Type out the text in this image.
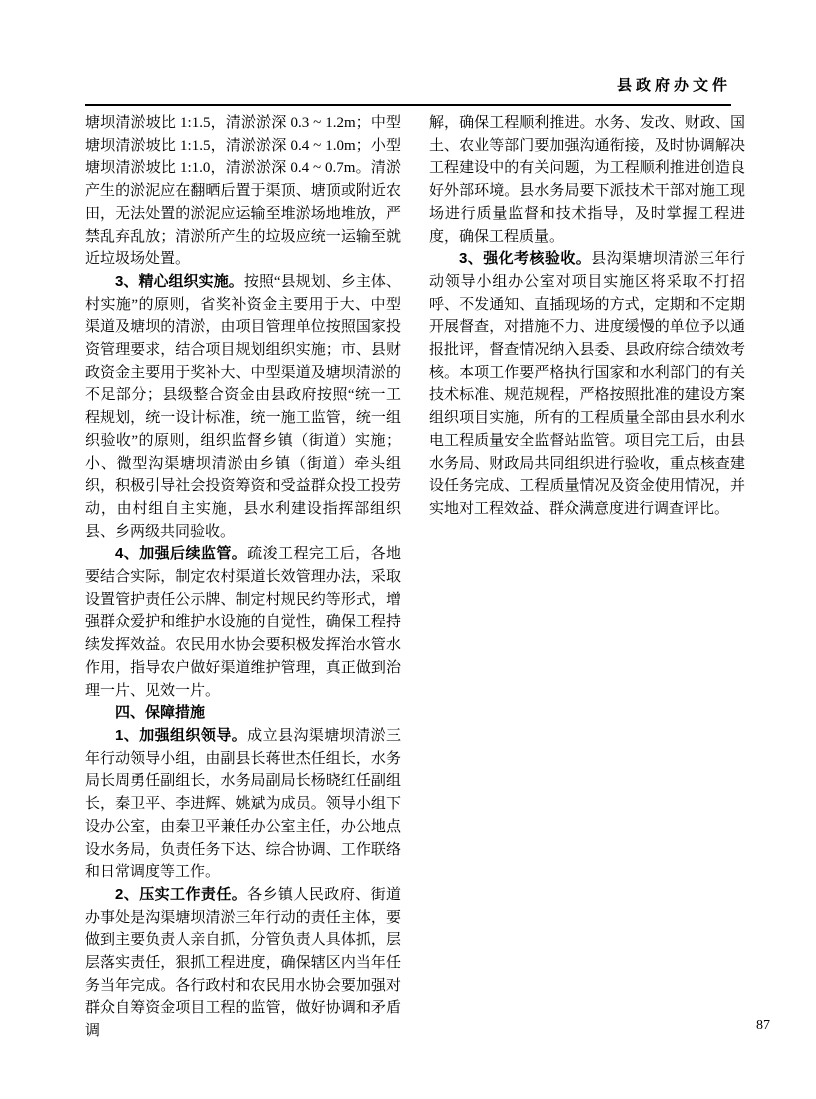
县政府办文件

塘坝清淤坡比 1:1.5，清淤淤深 0.3 ~ 1.2m；中型塘坝清淤坡比 1:1.5，清淤淤深 0.4 ~ 1.0m；小型塘坝清淤坡比 1:1.0，清淤淤深 0.4 ~ 0.7m。清淤产生的淤泥应在翻晒后置于渠顶、塘顶或附近农田，无法处置的淤泥应运输至堆淤场地堆放，严禁乱弃乱放；清淤所产生的垃圾应统一运输至就近垃圾场处置。

3、精心组织实施。按照“县规划、乡主体、村实施”的原则，省奖补资金主要用于大、中型渠道及塘坝的清淤，由项目管理单位按照国家投资管理要求，结合项目规划组织实施；市、县财政资金主要用于奖补大、中型渠道及塘坝清淤的不足部分；县级整合资金由县政府按照“统一工程规划，统一设计标准，统一施工监管，统一组织验收”的原则，组织监督乡镇（街道）实施；小、微型沟渠塘坝清淤由乡镇（街道）牵头组织，积极引导社会投资筹资和受益群众投工投劳动，由村组自主实施，县水利建设指挥部组织县、乡两级共同验收。

4、加强后续监管。疏浚工程完工后，各地要结合实际，制定农村渠道长效管理办法，采取设置管护责任公示牌、制定村规民约等形式，增强群众爱护和维护水设施的自觉性，确保工程持续发挥效益。农民用水协会要积极发挥治水管水作用，指导农户做好渠道维护管理，真正做到治理一片、见效一片。

四、保障措施

1、加强组织领导。成立县沟渠塘坝清淤三年行动领导小组，由副县长蒋世杰任组长，水务局长周勇任副组长，水务局副局长杨晓红任副组长，秦卫平、李进辉、姚斌为成员。领导小组下设办公室，由秦卫平兼任办公室主任，办公地点设水务局，负责任务下达、综合协调、工作联络和日常调度等工作。

2、压实工作责任。各乡镇人民政府、街道办事处是沟渠塘坝清淤三年行动的责任主体，要做到主要负责人亲自抓，分管负责人具体抓，层层落实责任，狠抓工程进度，确保辖区内当年任务当年完成。各行政村和农民用水协会要加强对群众自筹资金项目工程的监管，做好协调和矛盾调

解，确保工程顺利推进。水务、发改、财政、国土、农业等部门要加强沟通衔接，及时协调解决工程建设中的有关问题，为工程顺利推进创造良好外部环境。县水务局要下派技术干部对施工现场进行质量监督和技术指导，及时掌握工程进度，确保工程质量。

3、强化考核验收。县沟渠塘坝清淤三年行动领导小组办公室对项目实施区将采取不打招呼、不发通知、直插现场的方式，定期和不定期开展督查，对措施不力、进度缓慢的单位予以通报批评，督查情况纳入县委、县政府综合绩效考核。本项工作要严格执行国家和水利部门的有关技术标准、规范规程，严格按照批准的建设方案组织项目实施，所有的工程质量全部由县水利水电工程质量安全监督站监管。项目完工后，由县水务局、财政局共同组织进行验收，重点核查建设任务完成、工程质量情况及资金使用情况，并实地对工程效益、群众满意度进行调查评比。

87
